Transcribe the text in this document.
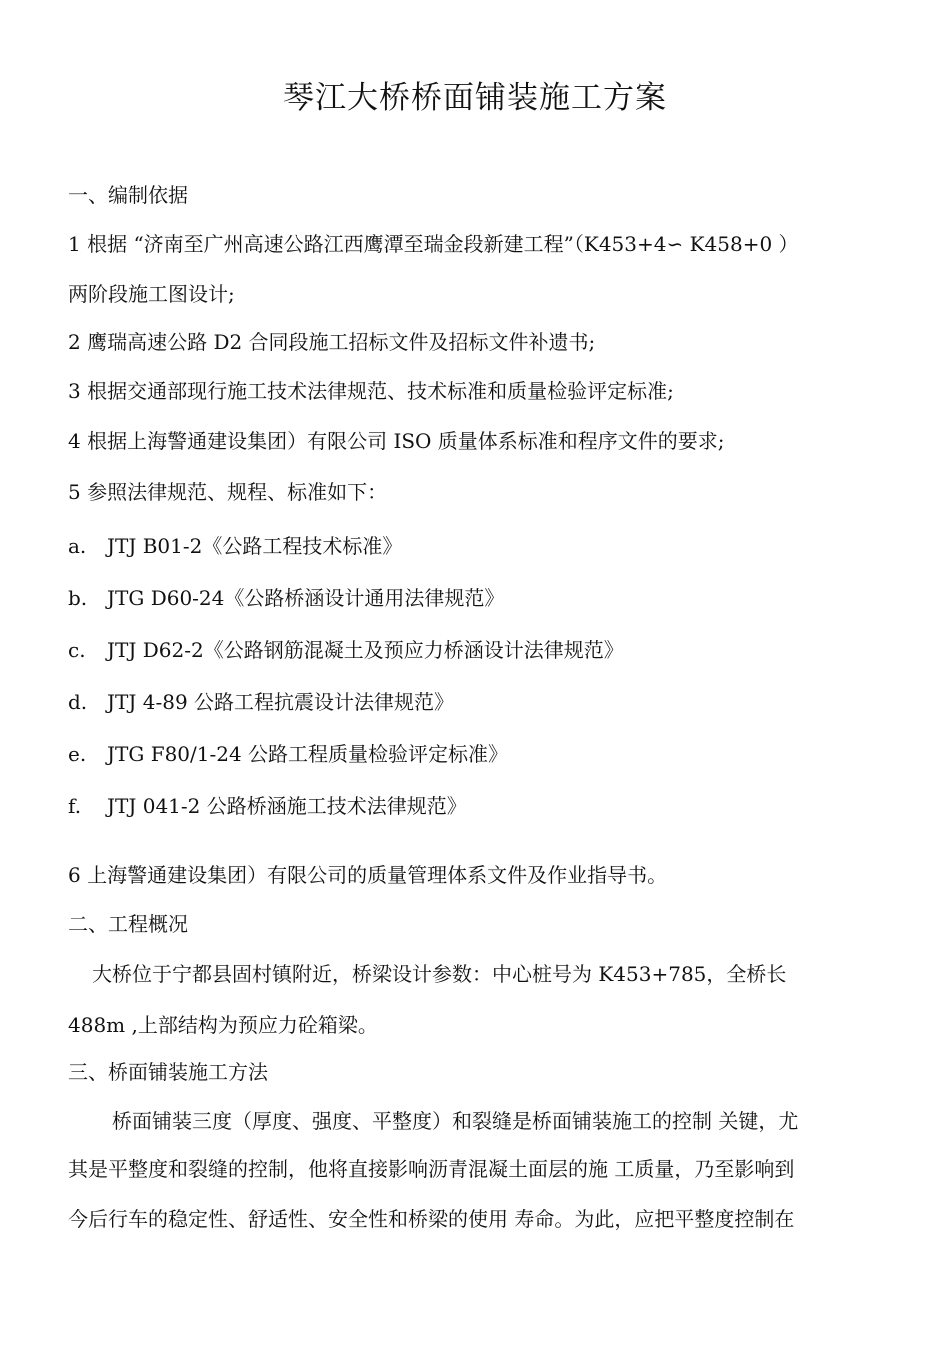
琴江大桥桥面铺装施工方案
一、编制依据
1 根据 “济南至广州高速公路江西鹰潭至瑞金段新建工程”（K453+4∽ K458+0 ）
两阶段施工图设计;
2 鹰瑞高速公路 D2 合同段施工招标文件及招标文件补遗书;
3 根据交通部现行施工技术法律规范、技术标准和质量检验评定标准;
4 根据上海警通建设集团）有限公司 ISO 质量体系标准和程序文件的要求;
5 参照法律规范、规程、标准如下：
a. JTJ B01-2《公路工程技术标准》
b. JTG D60-24《公路桥涵设计通用法律规范》
c. JTJ D62-2《公路钢筋混凝土及预应力桥涵设计法律规范》
d. JTJ 4-89 公路工程抗震设计法律规范》
e. JTG F80/1-24 公路工程质量检验评定标准》
f. JTJ 041-2 公路桥涵施工技术法律规范》
6 上海警通建设集团）有限公司的质量管理体系文件及作业指导书。
二、工程概况
大桥位于宁都县固村镇附近，桥梁设计参数：中心桩号为 K453+785，全桥长
488m ,上部结构为预应力砼箱梁。
三、桥面铺装施工方法
桥面铺装三度（厚度、强度、平整度）和裂缝是桥面铺装施工的控制 关键，尤
其是平整度和裂缝的控制，他将直接影响沥青混凝土面层的施 工质量，乃至影响到
今后行车的稳定性、舒适性、安全性和桥梁的使用 寿命。为此，应把平整度控制在
